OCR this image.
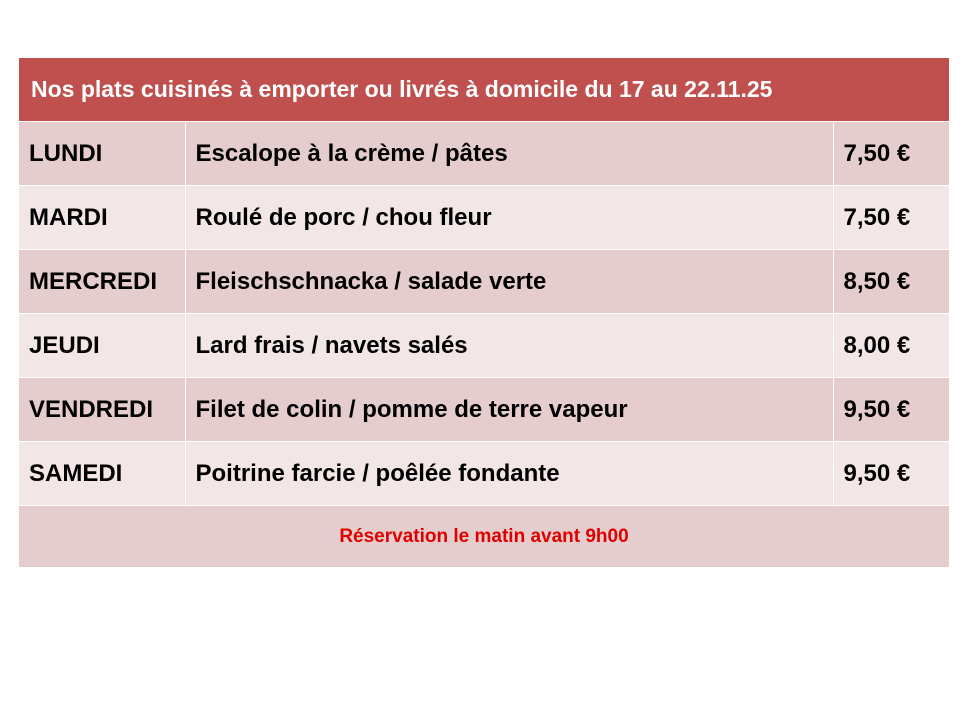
Nos plats cuisinés à emporter ou livrés à domicile du 17 au 22.11.25		
LUNDI	Escalope à la crème / pâtes	7,50 €
MARDI	Roulé de porc / chou fleur	7,50 €
MERCREDI	Fleischschnacka / salade verte	8,50 €
JEUDI	Lard frais / navets salés	8,00 €
VENDREDI	Filet de colin / pomme de terre vapeur	9,50 €
SAMEDI	Poitrine farcie / poêlée fondante	9,50 €
Réservation le matin avant 9h00		
